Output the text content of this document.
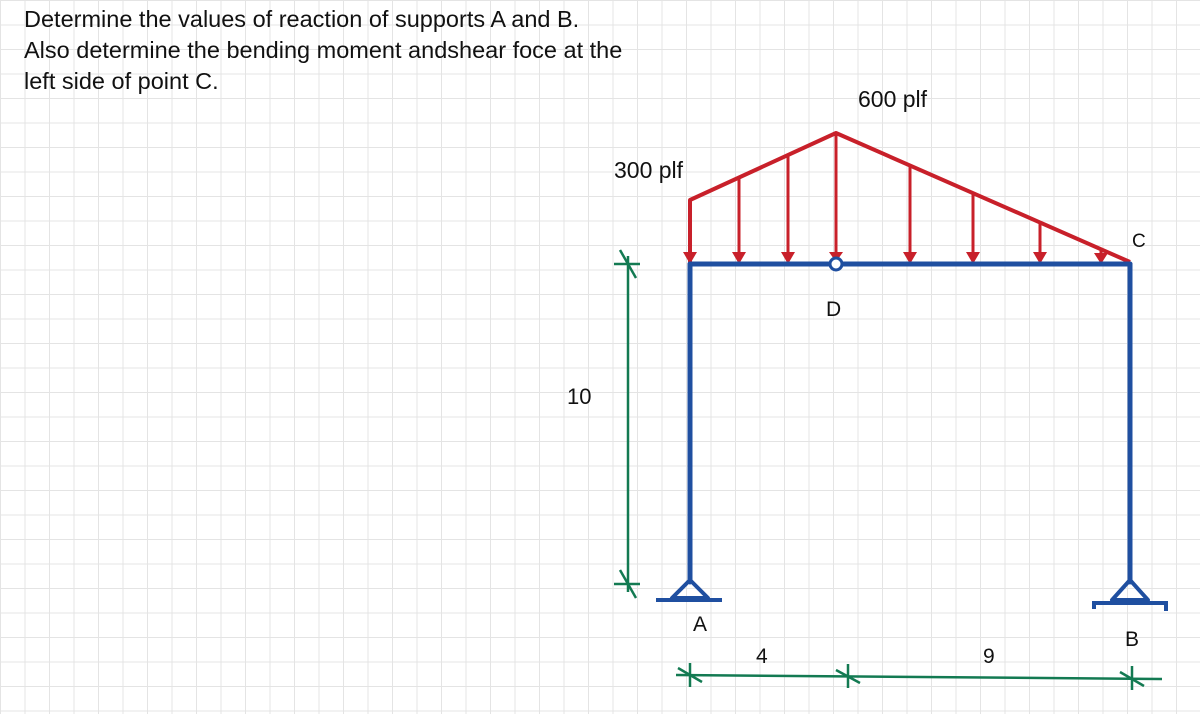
Determine the values of reaction of supports A and B.
Also determine the bending moment andshear foce at the
left side of point C.
300 plf
600 plf
C
D
A
B
10
4	9
